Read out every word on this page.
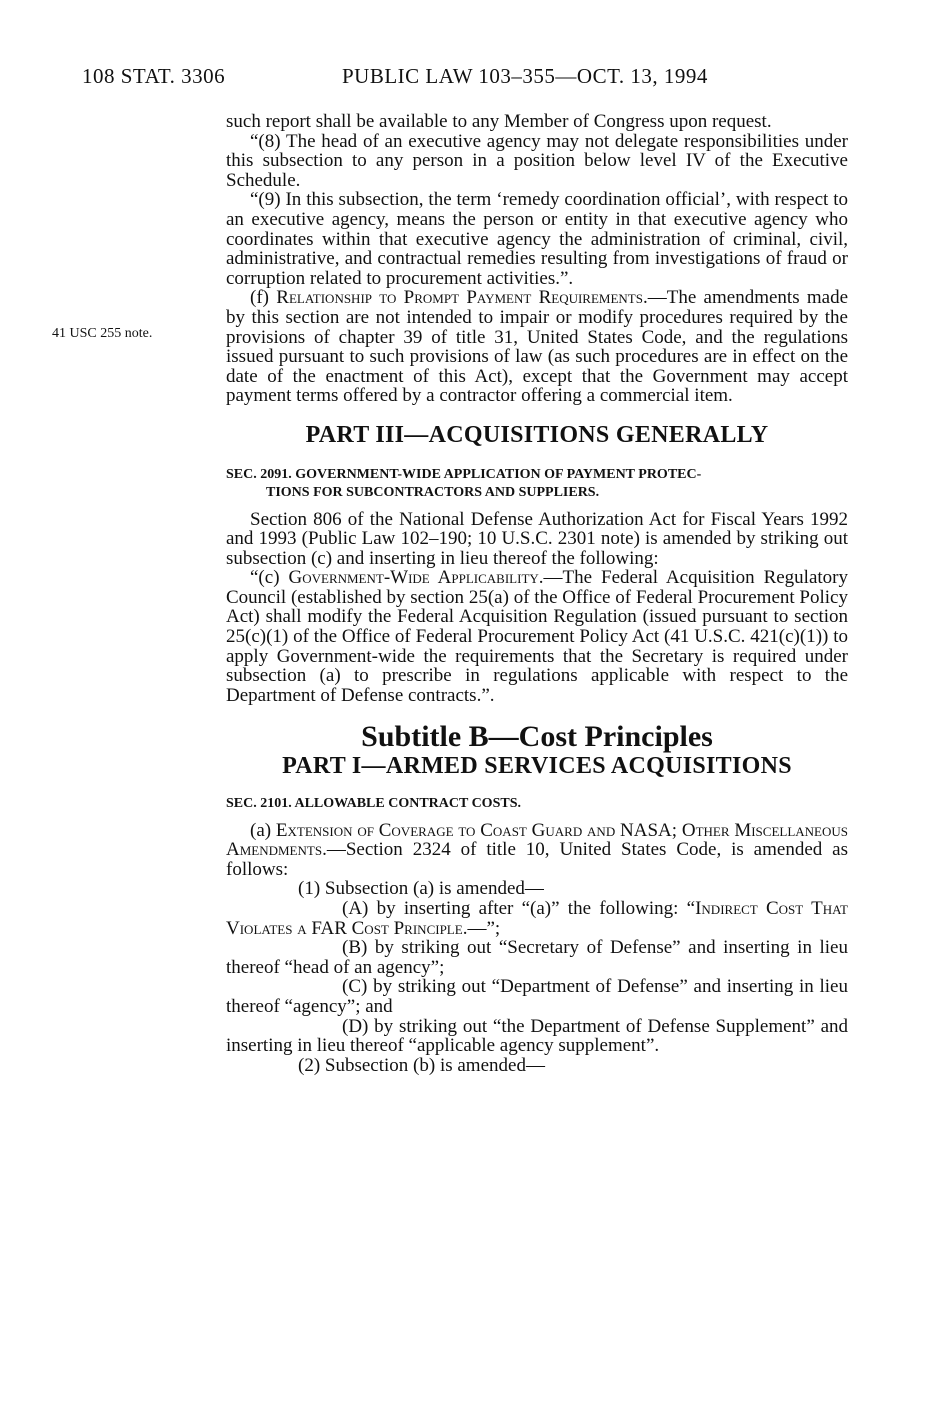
108 STAT. 3306	PUBLIC LAW 103–355—OCT. 13, 1994
41 USC 255 note.

such report shall be available to any Member of Congress upon request.

“(8) The head of an executive agency may not delegate responsibilities under this subsection to any person in a position below level IV of the Executive Schedule.

“(9) In this subsection, the term ‘remedy coordination official’, with respect to an executive agency, means the person or entity in that executive agency who coordinates within that executive agency the administration of criminal, civil, administrative, and contractual remedies resulting from investigations of fraud or corruption related to procurement activities.”.

(f) Relationship to Prompt Payment Requirements.—The amendments made by this section are not intended to impair or modify procedures required by the provisions of chapter 39 of title 31, United States Code, and the regulations issued pursuant to such provisions of law (as such procedures are in effect on the date of the enactment of this Act), except that the Government may accept payment terms offered by a contractor offering a commercial item.

PART III—ACQUISITIONS GENERALLY
SEC. 2091. GOVERNMENT-WIDE APPLICATION OF PAYMENT PROTEC-
TIONS FOR SUBCONTRACTORS AND SUPPLIERS.

Section 806 of the National Defense Authorization Act for Fiscal Years 1992 and 1993 (Public Law 102–190; 10 U.S.C. 2301 note) is amended by striking out subsection (c) and inserting in lieu thereof the following:

“(c) Government-Wide Applicability.—The Federal Acquisition Regulatory Council (established by section 25(a) of the Office of Federal Procurement Policy Act) shall modify the Federal Acquisition Regulation (issued pursuant to section 25(c)(1) of the Office of Federal Procurement Policy Act (41 U.S.C. 421(c)(1)) to apply Government-wide the requirements that the Secretary is required under subsection (a) to prescribe in regulations applicable with respect to the Department of Defense contracts.”.

Subtitle B—Cost Principles
PART I—ARMED SERVICES ACQUISITIONS
SEC. 2101. ALLOWABLE CONTRACT COSTS.

(a) Extension of Coverage to Coast Guard and NASA; Other Miscellaneous Amendments.—Section 2324 of title 10, United States Code, is amended as follows:

(1) Subsection (a) is amended—

(A) by inserting after “(a)” the following: “Indirect Cost That Violates a FAR Cost Principle.—”;

(B) by striking out “Secretary of Defense” and inserting in lieu thereof “head of an agency”;

(C) by striking out “Department of Defense” and inserting in lieu thereof “agency”; and

(D) by striking out “the Department of Defense Supplement” and inserting in lieu thereof “applicable agency supplement”.

(2) Subsection (b) is amended—
